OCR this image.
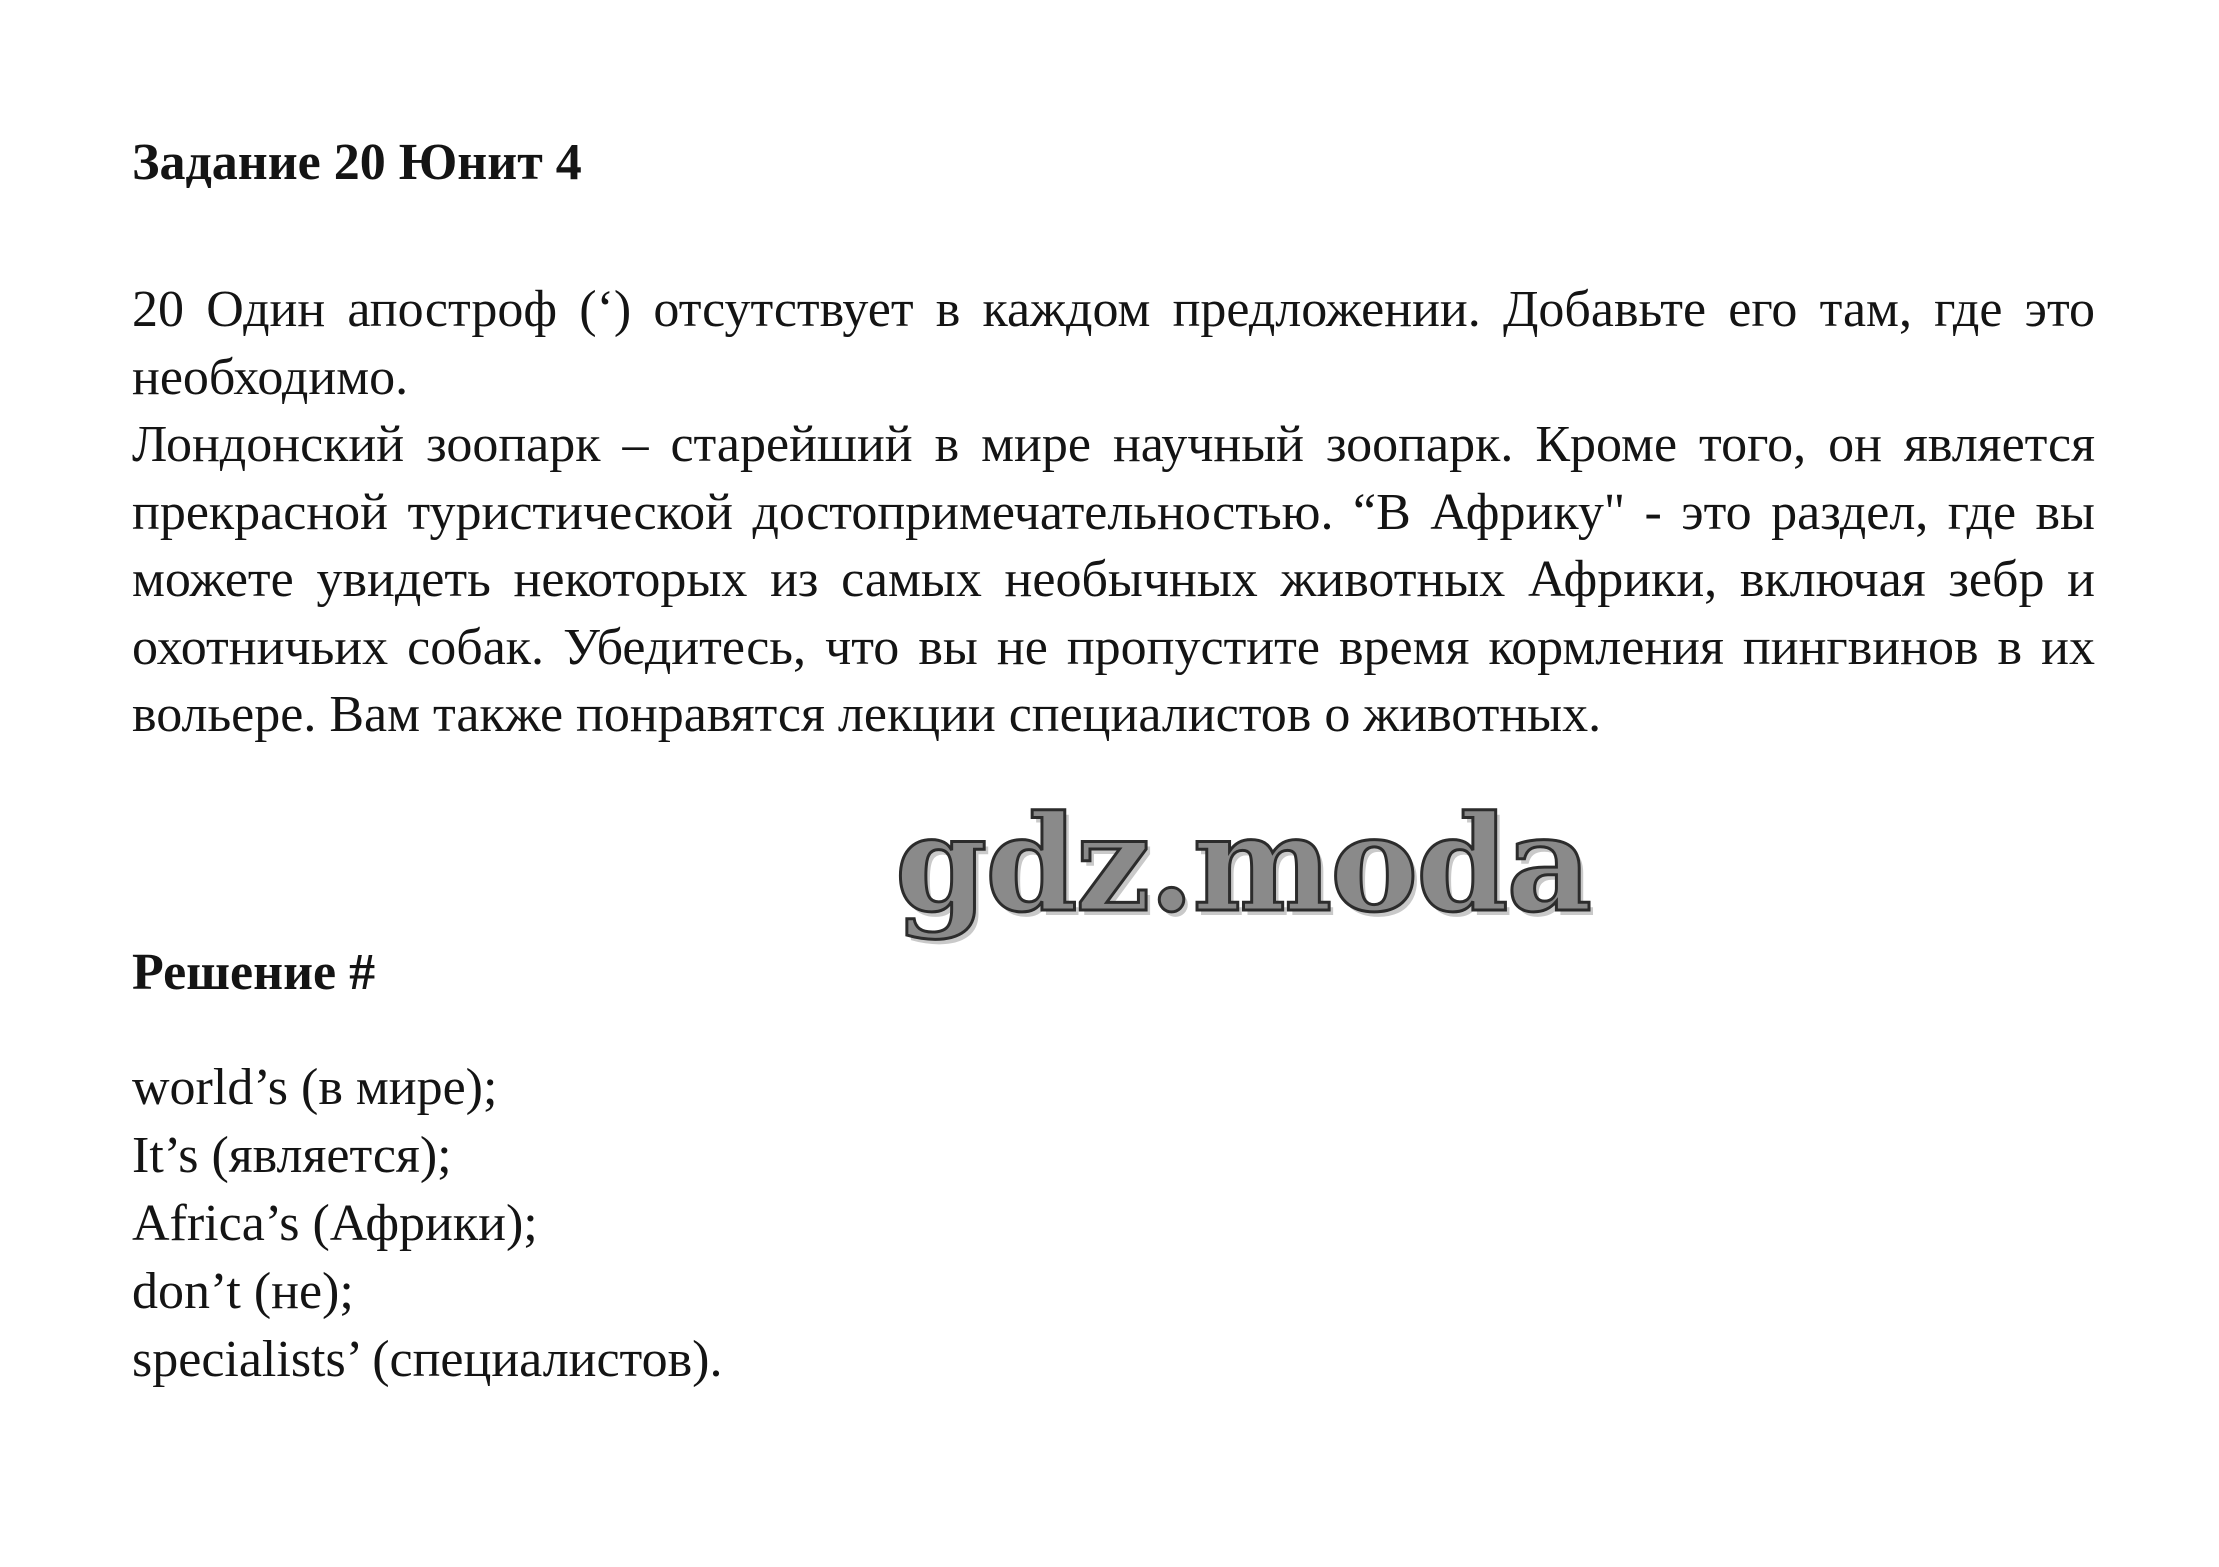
Задание 20 Юнит 4

20 Один апостроф (‘) отсутствует в каждом предложении. Добавьте его там, где это необходимо.

Лондонский зоопарк – старейший в мире научный зоопарк. Кроме того, он является прекрасной туристической достопримечательностью. “В Африку" - это раздел, где вы можете увидеть некоторых из самых необычных животных Африки, включая зебр и охотничьих собак. Убедитесь, что вы не пропустите время кормления пингвинов в их вольере. Вам также понравятся лекции специалистов о животных.

gdz.moda
Решение #
world’s (в мире);
It’s (является);
Africa’s (Африки);
don’t (не);
specialists’ (специалистов).
